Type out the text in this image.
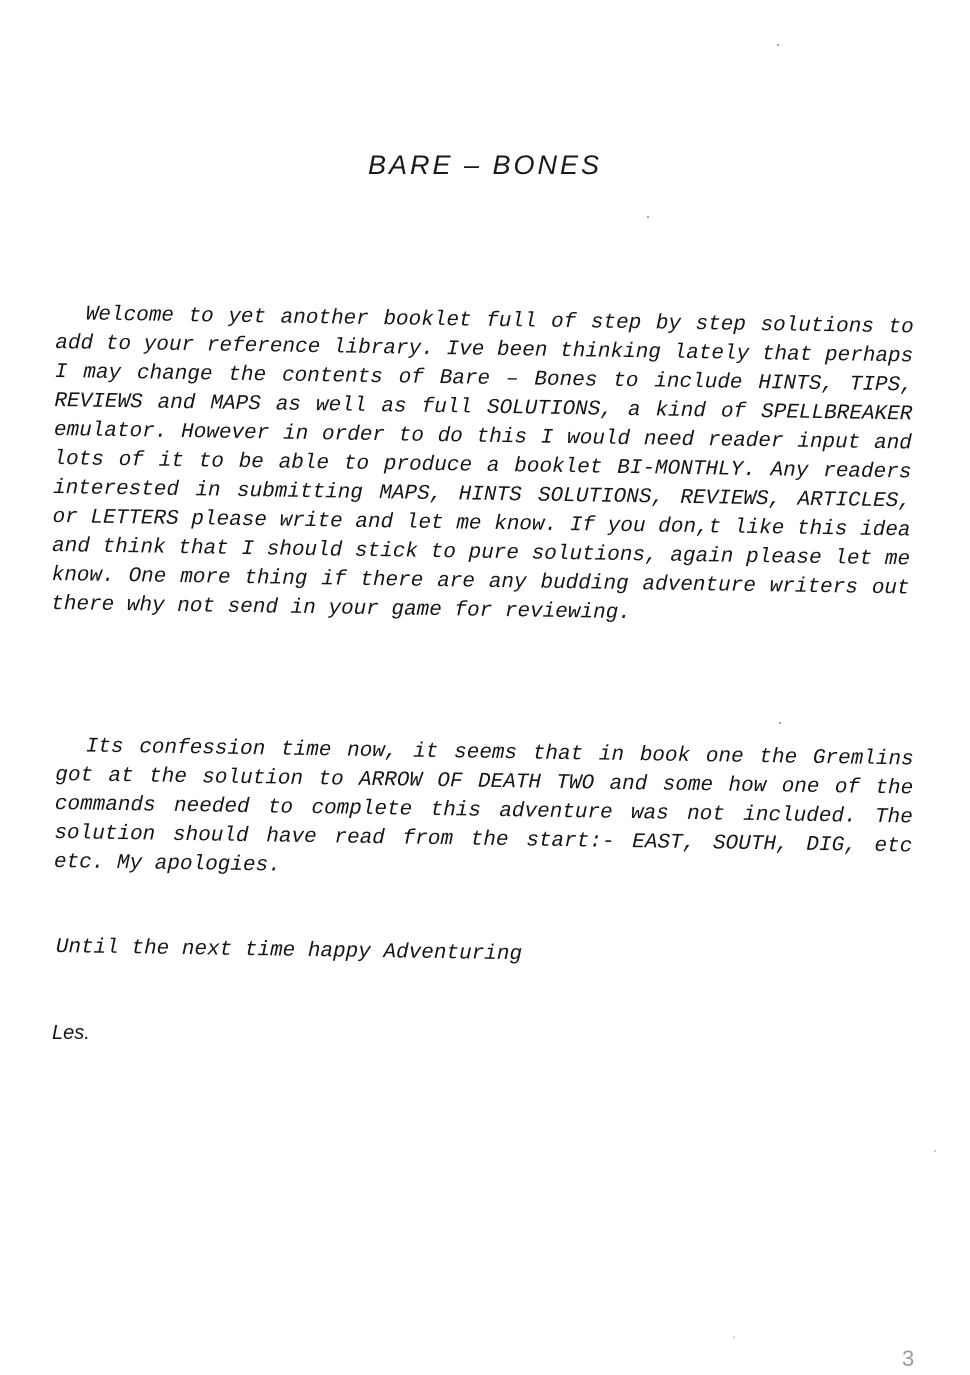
BARE – BONES

Welcome to yet another booklet full of step by step solutions to add to your reference library. Ive been thinking lately that perhaps I may change the contents of Bare – Bones to include HINTS, TIPS, REVIEWS and MAPS as well as full SOLUTIONS, a kind of SPELLBREAKER emulator. However in order to do this I would need reader input and lots of it to be able to produce a booklet BI-MONTHLY. Any readers interested in submitting MAPS, HINTS SOLUTIONS, REVIEWS, ARTICLES, or LETTERS please write and let me know. If you don,t like this idea and think that I should stick to pure solutions, again please let me know. One more thing if there are any budding adventure writers out there why not send in your game for reviewing.

Its confession time now, it seems that in book one the Gremlins got at the solution to ARROW OF DEATH TWO and some how one of the commands needed to complete this adventure was not included. The solution should have read from the start:- EAST, SOUTH, DIG, etc etc. My apologies.

Until the next time happy Adventuring
Les.
3
